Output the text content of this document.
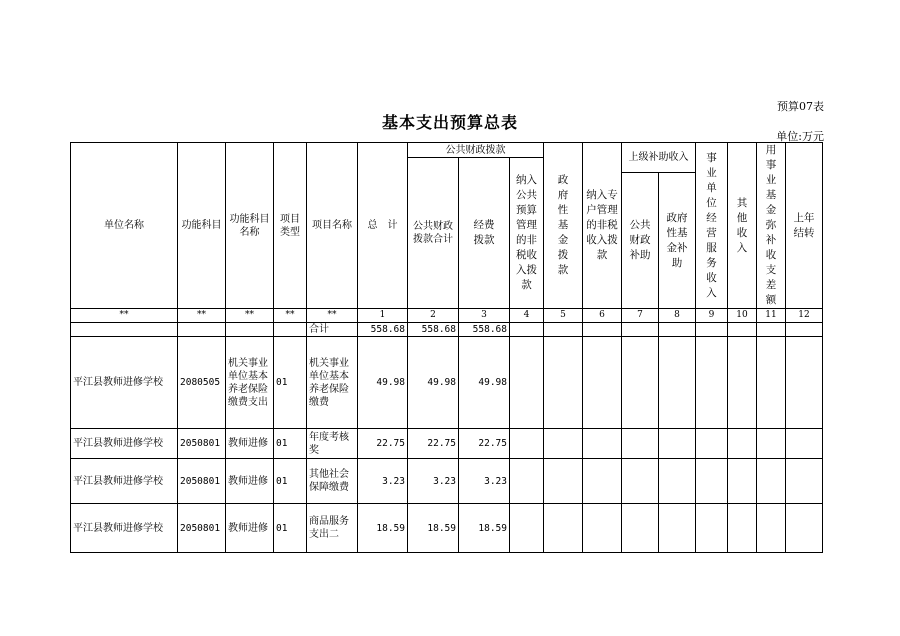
预算07表
基本支出预算总表
单位:万元
单位名称	功能科目	功能科目名称	项目类型	项目名称	总　计	公共财政拨款			政府性基金拨款	纳入专户管理的非税收入拨款	上级补助收入		事业单位经营服务收入	其他收入	用事业基金弥补收支差额	上年结转
						公共财政拨款合计	经费拨款	纳入公共预算管理的非税收入拨款								
											公共财政补助	政府性基金补助				
**	**	**	**	**	1	2	3	4	5	6	7	8	9	10	11	12
				合计	558.68	558.68	558.68									
平江县教师进修学校	2080505	机关事业单位基本养老保险缴费支出	01	机关事业单位基本养老保险缴费	49.98	49.98	49.98									
平江县教师进修学校	2050801	教师进修	01	年度考核奖	22.75	22.75	22.75									
平江县教师进修学校	2050801	教师进修	01	其他社会保障缴费	3.23	3.23	3.23									
平江县教师进修学校	2050801	教师进修	01	商品服务支出二	18.59	18.59	18.59									
